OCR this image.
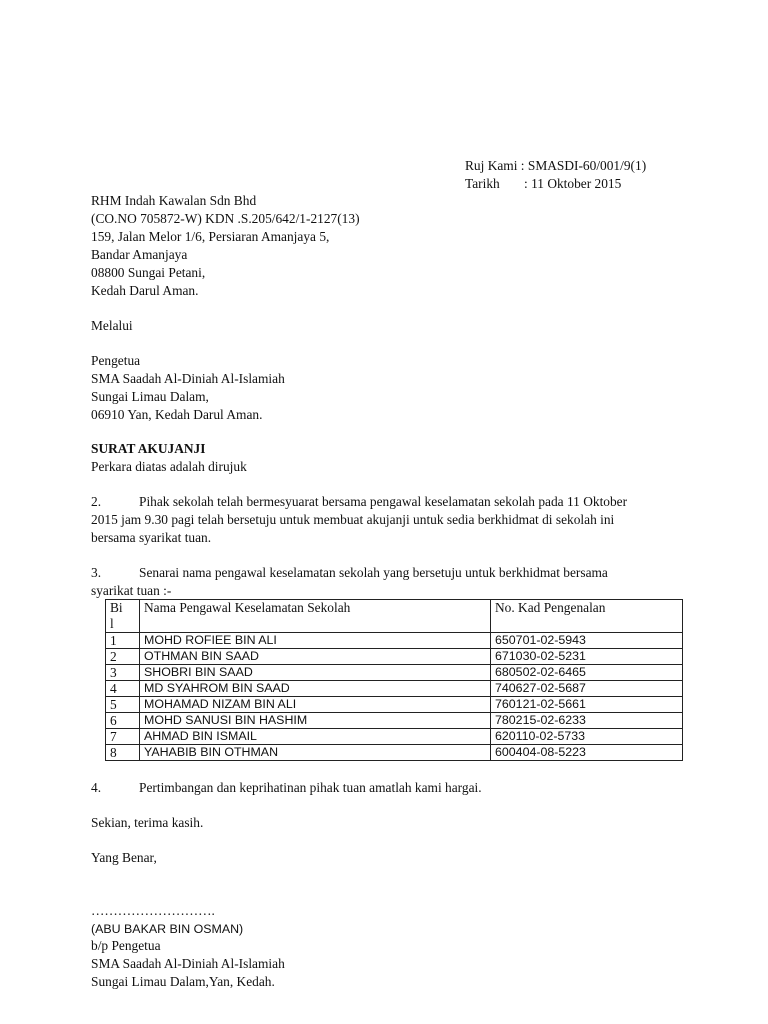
Ruj Kami : SMASDI-60/001/9(1)
Tarikh : 11 Oktober 2015
RHM Indah Kawalan Sdn Bhd
(CO.NO 705872-W) KDN .S.205/642/1-2127(13)
159, Jalan Melor 1/6, Persiaran Amanjaya 5,
Bandar Amanjaya
08800 Sungai Petani,
Kedah Darul Aman.
Melalui
Pengetua
SMA Saadah Al-Diniah Al-Islamiah
Sungai Limau Dalam,
06910 Yan, Kedah Darul Aman.
SURAT AKUJANJI
Perkara diatas adalah dirujuk
2.	Pihak sekolah telah bermesyuarat bersama pengawal keselamatan sekolah pada 11 Oktober
2015 jam 9.30 pagi telah bersetuju untuk membuat akujanji untuk sedia berkhidmat di sekolah ini
bersama syarikat tuan.
3.	Senarai nama pengawal keselamatan sekolah yang bersetuju untuk berkhidmat bersama
syarikat tuan :-
Bi
l	Nama Pengawal Keselamatan Sekolah	No. Kad Pengenalan
1	MOHD ROFIEE BIN ALI	650701-02-5943
2	OTHMAN BIN SAAD	671030-02-5231
3	SHOBRI BIN SAAD	680502-02-6465
4	MD SYAHROM BIN SAAD	740627-02-5687
5	MOHAMAD NIZAM BIN ALI	760121-02-5661
6	MOHD SANUSI BIN HASHIM	780215-02-6233
7	AHMAD BIN ISMAIL	620110-02-5733
8	YAHABIB BIN OTHMAN	600404-08-5223
4.	Pertimbangan dan keprihatinan pihak tuan amatlah kami hargai.
Sekian, terima kasih.
Yang Benar,
……………………….
(ABU BAKAR BIN OSMAN)
b/p Pengetua
SMA Saadah Al-Diniah Al-Islamiah
Sungai Limau Dalam,Yan, Kedah.
